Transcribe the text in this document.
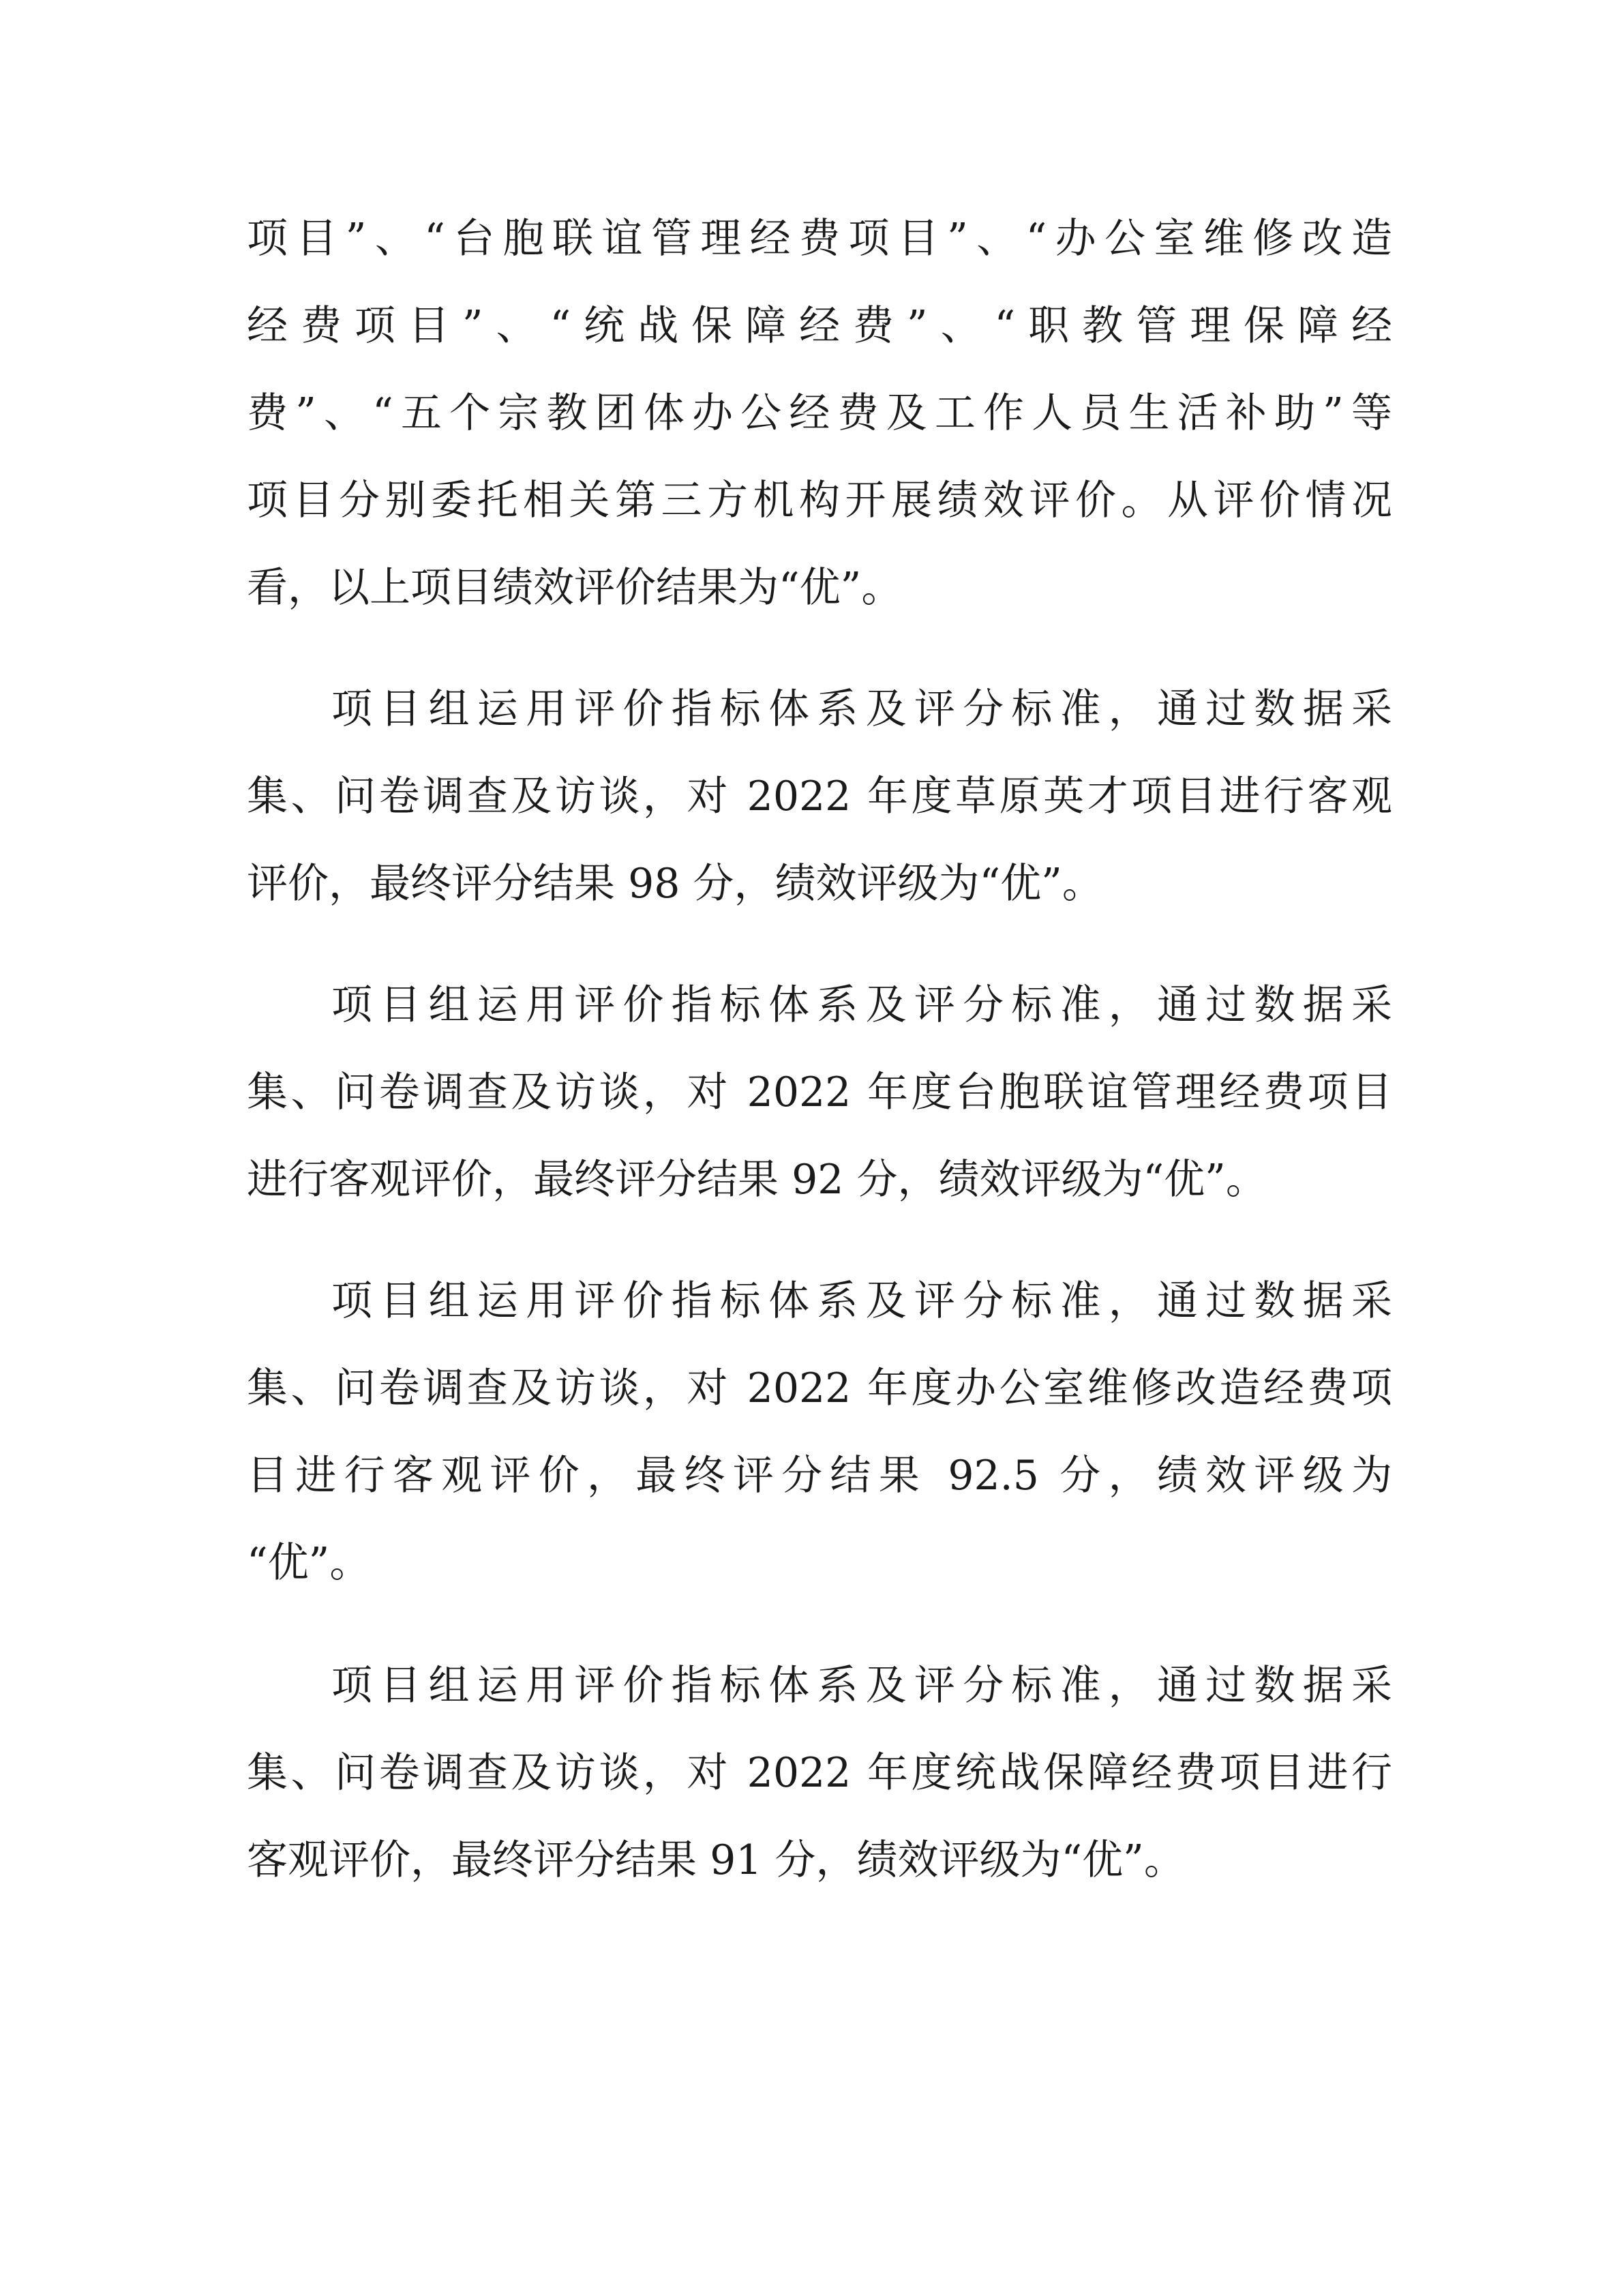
项目”、“台胞联谊管理经费项目”、“办公室维修改造
经费项目”、“统战保障经费”、“职教管理保障经
费”、“五个宗教团体办公经费及工作人员生活补助”等
项目分别委托相关第三方机构开展绩效评价。从评价情况
看，以上项目绩效评价结果为“优”。
项目组运用评价指标体系及评分标准，通过数据采
集、问卷调查及访谈，对 2022 年度草原英才项目进行客观
评价，最终评分结果 98 分，绩效评级为“优”。
项目组运用评价指标体系及评分标准，通过数据采
集、问卷调查及访谈，对 2022 年度台胞联谊管理经费项目
进行客观评价，最终评分结果 92 分，绩效评级为“优”。
项目组运用评价指标体系及评分标准，通过数据采
集、问卷调查及访谈，对 2022 年度办公室维修改造经费项
目进行客观评价，最终评分结果 92.5 分，绩效评级为
“优”。
项目组运用评价指标体系及评分标准，通过数据采
集、问卷调查及访谈，对 2022 年度统战保障经费项目进行
客观评价，最终评分结果 91 分，绩效评级为“优”。
